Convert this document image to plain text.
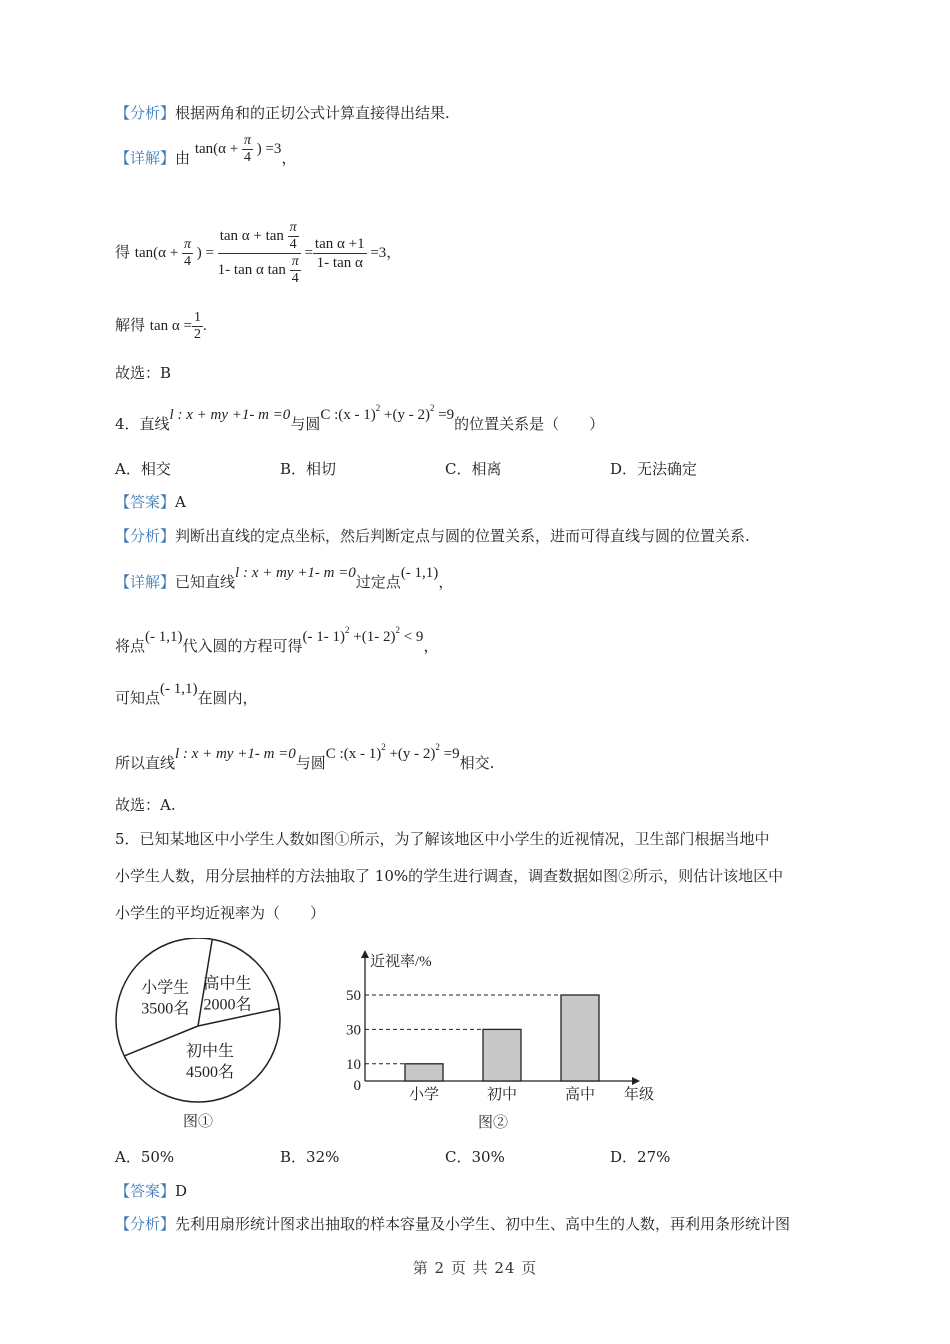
【分析】根据两角和的正切公式计算直接得出结果.
【详解】由 $\tan(\alpha + \frac{\pi}{4}$ ) =3，
得 $\tan(\alpha + \frac{\pi}{4}$ ) = $\frac{\tan \alpha + \tan \frac{\pi}{4}}{1- \tan \alpha \tan \frac{\pi}{4}} = \frac{\text{tan α +1}}{\text{1- tan α}} =3$，
解得 $\tan \alpha = \frac{1}{2}$ .
故选：B
4．直线l : x + my +1- m =0与圆C :(x - 1)$^2$ +(y - 2)$^2$ =9的位置关系是（　　）
A．相交	B．相切	C．相离	D．无法确定
【答案】A
【分析】判断出直线的定点坐标，然后判断定点与圆的位置关系，进而可得直线与圆的位置关系.
【详解】已知直线l : x + my +1- m =0过定点(- 1,1)，
将点(- 1,1)代入圆的方程可得(- 1- 1)$^2$ +(1- 2)$^2$ < 9，
可知点(- 1,1)在圆内，
所以直线l : x + my +1- m =0与圆C :(x - 1)$^2$ +(y - 2)$^2$ =9相交.
故选：A.
5．已知某地区中小学生人数如图①所示，为了解该地区中小学生的近视情况，卫生部门根据当地中
小学生人数，用分层抽样的方法抽取了 10%的学生进行调查，调查数据如图②所示，则估计该地区中
小学生的平均近视率为（　　）
小学生
3500名
高中生
2000名
初中生
4500名
图①
0
10
30
50
小学	初中	高中
近视率/%
年级
图②
A．50%	B．32%	C．30%	D．27%
【答案】D
【分析】先利用扇形统计图求出抽取的样本容量及小学生、初中生、高中生的人数，再利用条形统计图
第 2 页 共 24 页
